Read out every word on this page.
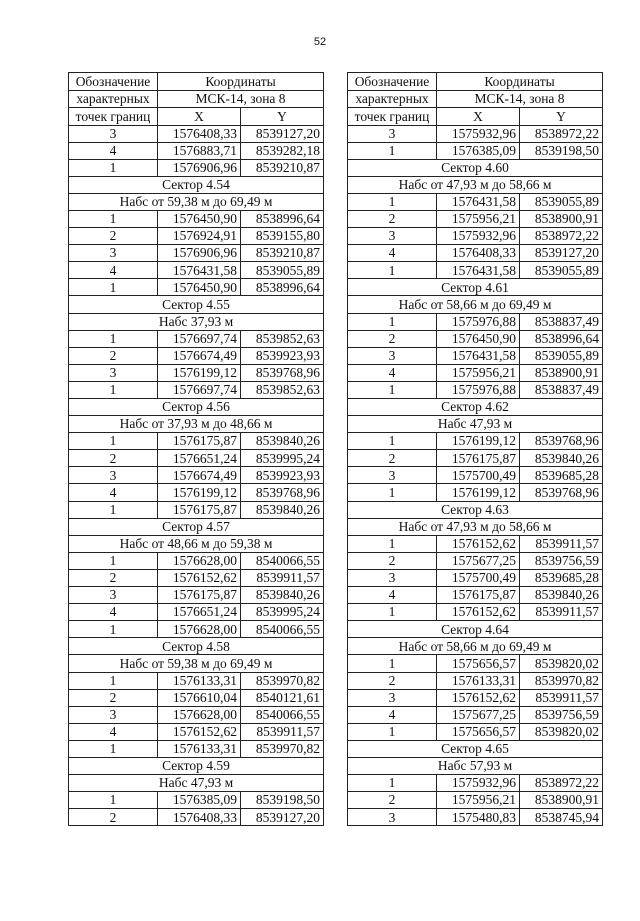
52
Обозначение	Координаты	
характерных	МСК-14, зона 8	
точек границ	X	Y
3	1576408,33	8539127,20
4	1576883,71	8539282,18
1	1576906,96	8539210,87
Сектор 4.54		
Набс от 59,38 м до 69,49 м		
1	1576450,90	8538996,64
2	1576924,91	8539155,80
3	1576906,96	8539210,87
4	1576431,58	8539055,89
1	1576450,90	8538996,64
Сектор 4.55		
Набс 37,93 м		
1	1576697,74	8539852,63
2	1576674,49	8539923,93
3	1576199,12	8539768,96
1	1576697,74	8539852,63
Сектор 4.56		
Набс от 37,93 м до 48,66 м		
1	1576175,87	8539840,26
2	1576651,24	8539995,24
3	1576674,49	8539923,93
4	1576199,12	8539768,96
1	1576175,87	8539840,26
Сектор 4.57		
Набс от 48,66 м до 59,38 м		
1	1576628,00	8540066,55
2	1576152,62	8539911,57
3	1576175,87	8539840,26
4	1576651,24	8539995,24
1	1576628,00	8540066,55
Сектор 4.58		
Набс от 59,38 м до 69,49 м		
1	1576133,31	8539970,82
2	1576610,04	8540121,61
3	1576628,00	8540066,55
4	1576152,62	8539911,57
1	1576133,31	8539970,82
Сектор 4.59		
Набс 47,93 м		
1	1576385,09	8539198,50
2	1576408,33	8539127,20
Обозначение	Координаты	
характерных	МСК-14, зона 8	
точек границ	X	Y
3	1575932,96	8538972,22
1	1576385,09	8539198,50
Сектор 4.60		
Набс от 47,93 м до 58,66 м		
1	1576431,58	8539055,89
2	1575956,21	8538900,91
3	1575932,96	8538972,22
4	1576408,33	8539127,20
1	1576431,58	8539055,89
Сектор 4.61		
Набс от 58,66 м до 69,49 м		
1	1575976,88	8538837,49
2	1576450,90	8538996,64
3	1576431,58	8539055,89
4	1575956,21	8538900,91
1	1575976,88	8538837,49
Сектор 4.62		
Набс 47,93 м		
1	1576199,12	8539768,96
2	1576175,87	8539840,26
3	1575700,49	8539685,28
1	1576199,12	8539768,96
Сектор 4.63		
Набс от 47,93 м до 58,66 м		
1	1576152,62	8539911,57
2	1575677,25	8539756,59
3	1575700,49	8539685,28
4	1576175,87	8539840,26
1	1576152,62	8539911,57
Сектор 4.64		
Набс от 58,66 м до 69,49 м		
1	1575656,57	8539820,02
2	1576133,31	8539970,82
3	1576152,62	8539911,57
4	1575677,25	8539756,59
1	1575656,57	8539820,02
Сектор 4.65		
Набс 57,93 м		
1	1575932,96	8538972,22
2	1575956,21	8538900,91
3	1575480,83	8538745,94
